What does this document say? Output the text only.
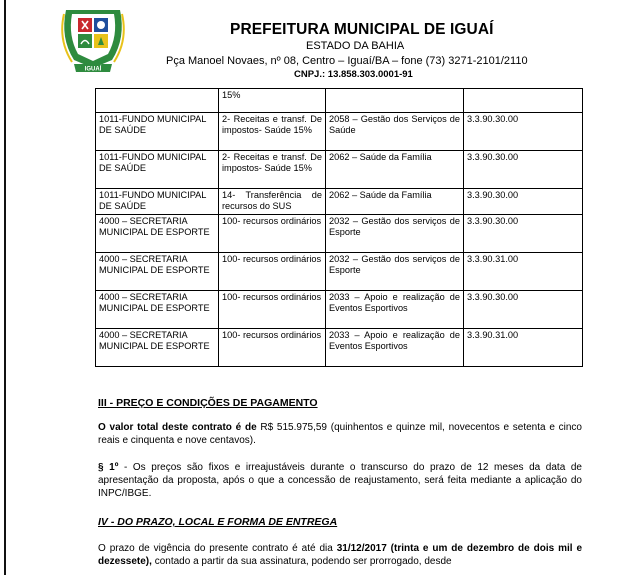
IGUAÍ
PREFEITURA MUNICIPAL DE IGUAÍ
ESTADO DA BAHIA
Pça Manoel Novaes, nº 08, Centro – Iguaí/BA – fone (73) 3271-2101/2110
CNPJ.: 13.858.303.0001-91
	15%		
1011-FUNDO MUNICIPAL DE SAÚDE	2- Receitas e transf. De impostos- Saúde 15%	2058 – Gestão dos Serviços de Saúde	3.3.90.30.00
1011-FUNDO MUNICIPAL DE SAÚDE	2- Receitas e transf. De impostos- Saúde 15%	2062 – Saúde da Família	3.3.90.30.00
1011-FUNDO MUNICIPAL DE SAÚDE	14- Transferência de recursos do SUS	2062 – Saúde da Família	3.3.90.30.00
4000 – SECRETARIA MUNICIPAL DE ESPORTE	100- recursos ordinários	2032 – Gestão dos serviços de Esporte	3.3.90.30.00
4000 – SECRETARIA MUNICIPAL DE ESPORTE	100- recursos ordinários	2032 – Gestão dos serviços de Esporte	3.3.90.31.00
4000 – SECRETARIA MUNICIPAL DE ESPORTE	100- recursos ordinários	2033 – Apoio e realização de Eventos Esportivos	3.3.90.30.00
4000 – SECRETARIA MUNICIPAL DE ESPORTE	100- recursos ordinários	2033 – Apoio e realização de Eventos Esportivos	3.3.90.31.00
III - PREÇO E CONDIÇÕES DE PAGAMENTO
O valor total deste contrato é de R$ 515.975,59 (quinhentos e quinze mil, novecentos e setenta e cinco reais e cinquenta e nove centavos).
§ 1º - Os preços são fixos e irreajustáveis durante o transcurso do prazo de 12 meses da data de apresentação da proposta, após o que a concessão de reajustamento, será feita mediante a aplicação do INPC/IBGE.
IV - DO PRAZO, LOCAL E FORMA DE ENTREGA
O prazo de vigência do presente contrato é até dia 31/12/2017 (trinta e um de dezembro de dois mil e dezessete), contado a partir da sua assinatura, podendo ser prorrogado, desde
